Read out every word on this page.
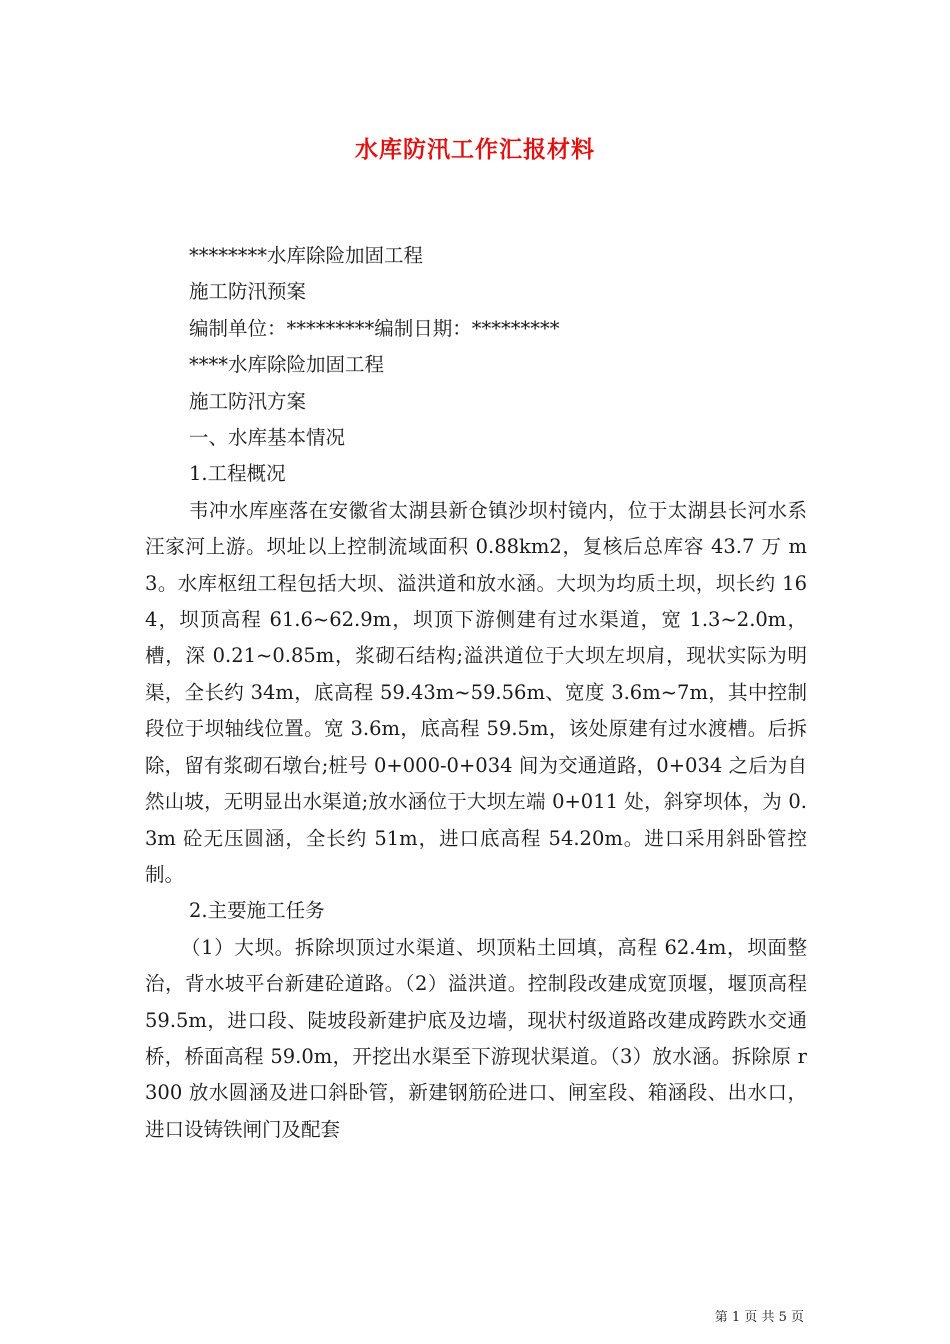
水库防汛工作汇报材料
********水库除险加固工程
施工防汛预案
编制单位：*********编制日期：*********
****水库除险加固工程
施工防汛方案
一、水库基本情况
1.工程概况
韦冲水库座落在安徽省太湖县新仓镇沙坝村镜内，位于太湖县长河水系汪家河上游。坝址以上控制流域面积 0.88km2，复核后总库容 43.7 万 m3。水库枢纽工程包括大坝、溢洪道和放水涵。大坝为均质土坝，坝长约 164，坝顶高程 61.6~62.9m，坝顶下游侧建有过水渠道，宽 1.3~2.0m，槽，深 0.21~0.85m，浆砌石结构;溢洪道位于大坝左坝肩，现状实际为明渠，全长约 34m，底高程 59.43m~59.56m、宽度 3.6m~7m，其中控制段位于坝轴线位置。宽 3.6m，底高程 59.5m，该处原建有过水渡槽。后拆除，留有浆砌石墩台;桩号 0+000-0+034 间为交通道路，0+034 之后为自然山坡，无明显出水渠道;放水涵位于大坝左端 0+011 处，斜穿坝体，为 0.3m 砼无压圆涵，全长约 51m，进口底高程 54.20m。进口采用斜卧管控制。
2.主要施工任务
（1）大坝。拆除坝顶过水渠道、坝顶粘土回填，高程 62.4m，坝面整治，背水坡平台新建砼道路。（2）溢洪道。控制段改建成宽顶堰，堰顶高程 59.5m，进口段、陡坡段新建护底及边墙，现状村级道路改建成跨跌水交通桥，桥面高程 59.0m，开挖出水渠至下游现状渠道。（3）放水涵。拆除原 r300 放水圆涵及进口斜卧管，新建钢筋砼进口、闸室段、箱涵段、出水口，进口设铸铁闸门及配套
第 1 页 共 5 页
